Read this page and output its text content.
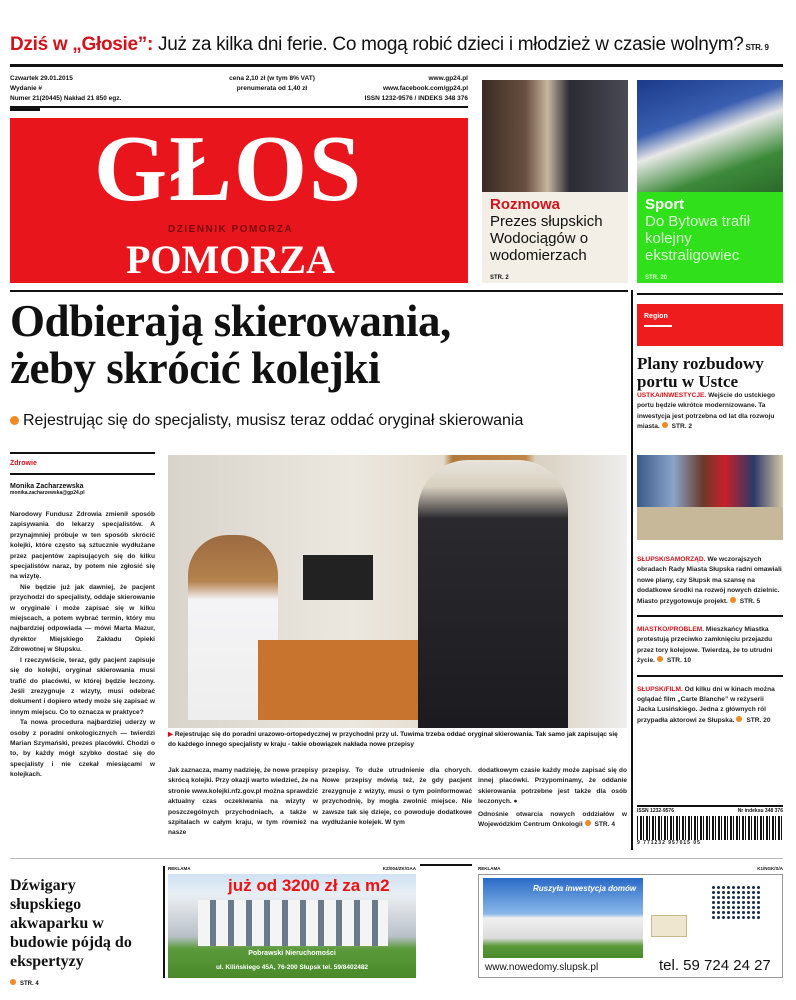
Dziś w „Głosie”: Już za kilka dni ferie. Co mogą robić dzieci i młodzież w czasie wolnym? STR. 9
Czwartek 29.01.2015
Wydanie #
Numer 21(20445) Nakład 21 850 egz.
cena 2,10 zł (w tym 8% VAT)
prenumerata od 1,40 zł
www.gp24.pl
www.facebook.com/gp24.pl
ISSN 1232-9576 / INDEKS 348 376
GŁOS
DZIENNIK POMORZA
POMORZA
Rozmowa
Prezes słupskich Wodociągów o wodomierzach
STR. 2
Sport
Do Bytowa trafił kolejny ekstraligowiec
STR. 20
Odbierają skierowania,
żeby skrócić kolejki
Rejestrując się do specjalisty, musisz teraz oddać oryginał skierowania
Zdrowie
Monika Zacharzewska
monika.zacharzewska@gp24.pl

Narodowy Fundusz Zdrowia zmienił sposób zapisywania do lekarzy specjalistów. A przynajmniej próbuje w ten sposób skrócić kolejki, które często są sztucznie wydłużane przez pacjentów zapisujących się do kilku specjalistów naraz, by potem nie zgłosić się na wizytę.

Nie będzie już jak dawniej, że pacjent przychodzi do specjalisty, oddaje skierowanie w oryginale i może zapisać się w kilku miejscach, a potem wybrać termin, który mu najbardziej odpowiada — mówi Marta Mazur, dyrektor Miejskiego Zakładu Opieki Zdrowotnej w Słupsku.

I rzeczywiście, teraz, gdy pacjent zapisuje się do kolejki, oryginał skierowania musi trafić do placówki, w której będzie leczony. Jeśli zrezygnuje z wizyty, musi odebrać dokument i dopiero wtedy może się zapisać w innym miejscu. Co to oznacza w praktyce?

Ta nowa procedura najbardziej uderzy w osoby z poradni onkologicznych — twierdzi Marian Szymański, prezes placówki. Chodzi o to, by każdy mógł szybko dostać się do specjalisty i nie czekał miesiącami w kolejkach.

▶ Rejestrując się do poradni urazowo-ortopedycznej w przychodni przy ul. Tuwima trzeba oddać oryginał skierowania. Tak samo jak zapisując się do każdego innego specjalisty w kraju - takie obowiązek nakłada nowe przepisy

Jak zaznacza, mamy nadzieję, że nowe przepisy skrócą kolejki. Przy okazji warto wiedzieć, że na stronie www.kolejki.nfz.gov.pl można sprawdzić aktualny czas oczekiwania na wizyty w poszczególnych przychodniach, a także w szpitalach w całym kraju, w tym również na nasze

przepisy. To duże utrudnienie dla chorych. Nowe przepisy mówią też, że gdy pacjent zrezygnuje z wizyty, musi o tym poinformować przychodnię, by mogła zwolnić miejsce. Nie zawsze tak się dzieje, co powoduje dodatkowe wydłużanie kolejek. W tym

dodatkowym czasie każdy może zapisać się do innej placówki. Przypominamy, że oddanie skierowania potrzebne jest także dla osób leczonych. ●

Odnośnie otwarcia nowych oddziałów w Wojewódzkim Centrum Onkologii STR. 4

Region
Plany rozbudowy portu w Ustce

USTKA/INWESTYCJE. Wejście do ustckiego portu będzie wkrótce modernizowane. Ta inwestycja jest potrzebna od lat dla rozwoju miasta. STR. 2

SŁUPSK/SAMORZĄD. We wczorajszych obradach Rady Miasta Słupska radni omawiali nowe plany, czy Słupsk ma szansę na dodatkowe środki na rozwój nowych dzielnic. Miasto przygotowuje projekt. STR. 5

MIASTKO/PROBLEM. Mieszkańcy Miastka protestują przeciwko zamknięciu przejazdu przez tory kolejowe. Twierdzą, że to utrudni życie. STR. 10

SŁUPSK/FILM. Od kilku dni w kinach można oglądać film „Carte Blanche” w reżyserii Jacka Lusińskiego. Jedna z głównych ról przypadła aktorowi ze Słupska. STR. 20

ISSN 1232-9576	Nr indeksu 348 376
9 771232 957015 05
Dźwigary słupskiego akwaparku w budowie pójdą do ekspertyzy
STR. 4
REKLAMA	KZ/004/ZK/GAA
już od 3200 zł za m2
Pobrawski Nieruchomości
ul. Kilińskiego 45A, 76-200 Słupsk tel. 59/8402482
REKLAMA	K1/NGK/S/A
Ruszyła inwestycja domów
www.nowedomy.slupsk.pl	tel. 59 724 24 27
